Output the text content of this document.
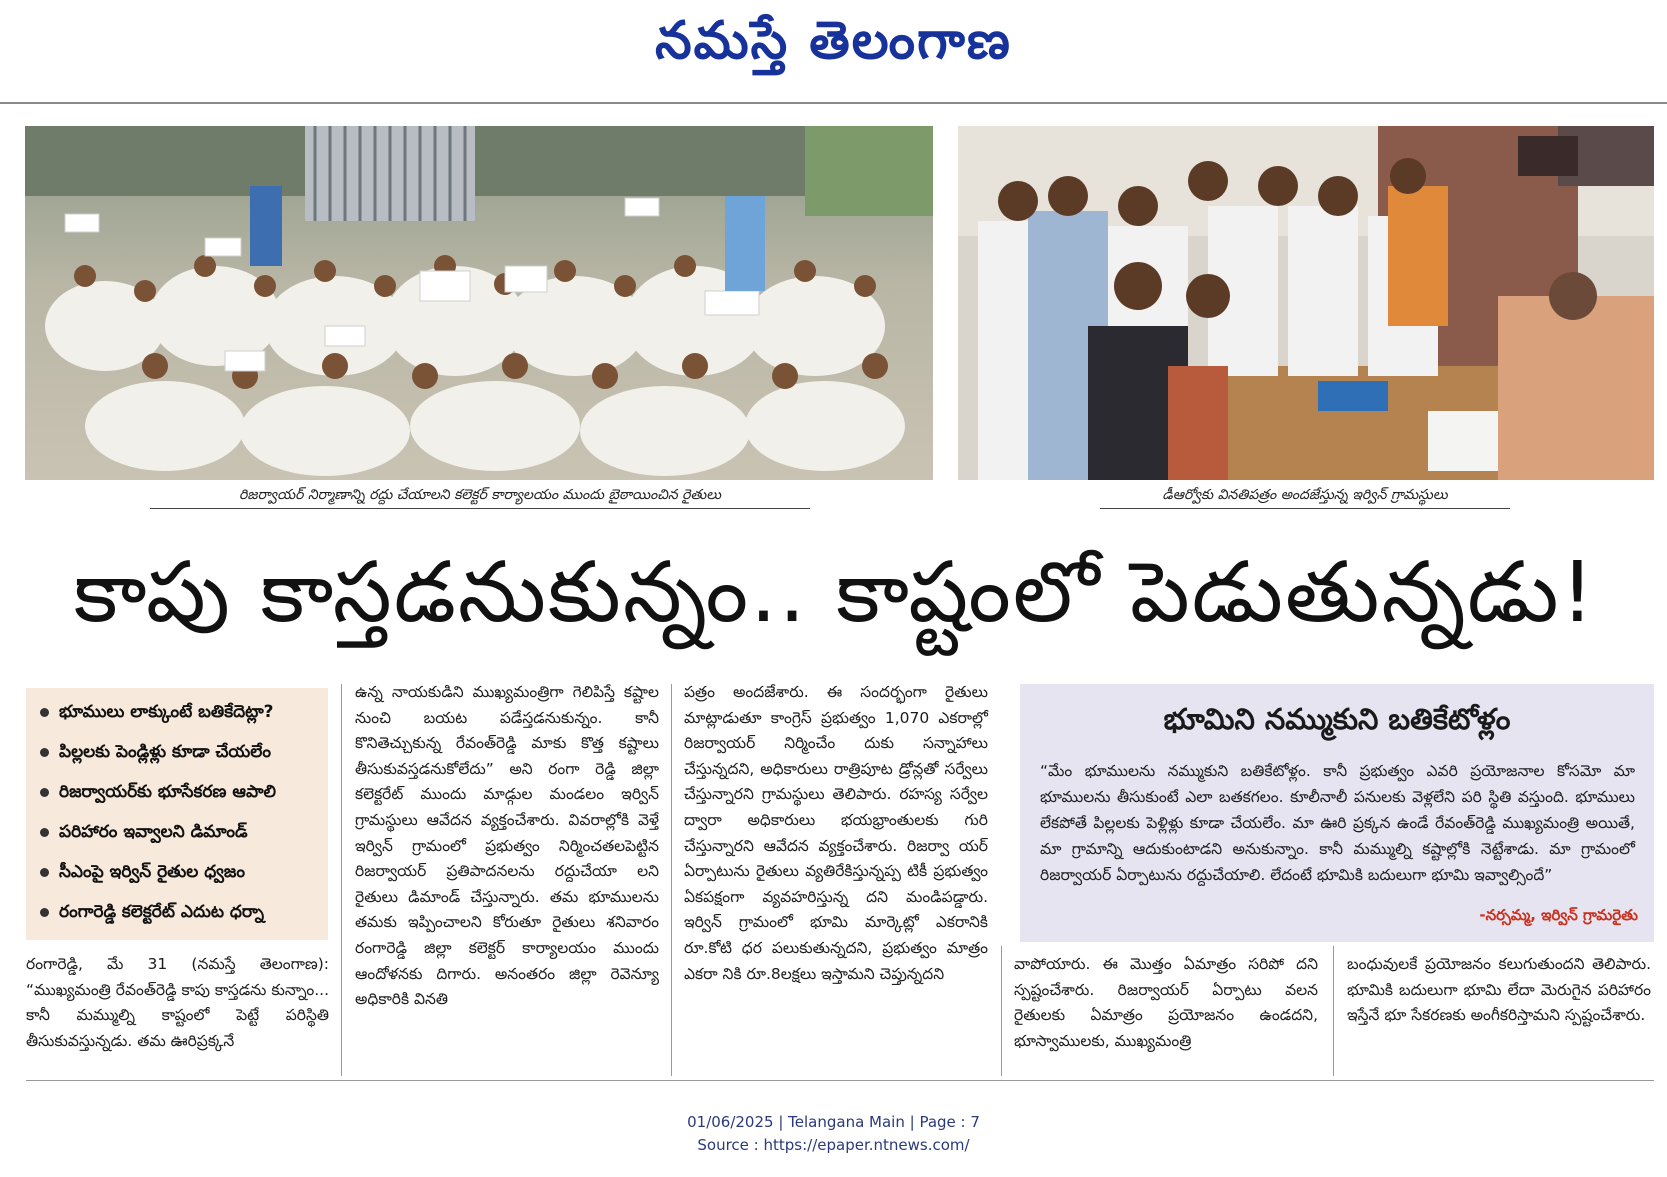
నమస్తే తెలంగాణ
రిజర్వాయర్ నిర్మాణాన్ని రద్దు చేయాలని కలెక్టర్ కార్యాలయం ముందు బైఠాయించిన రైతులు	డీఆర్వోకు వినతిపత్రం అందజేస్తున్న ఇర్విన్ గ్రామస్థులు
కాపు కాస్తడనుకున్నం.. కాష్టంలో పెడుతున్నడు!
భూములు లాక్కుంటే బతికేదెట్లా?
పిల్లలకు పెండ్లిళ్లు కూడా చేయలేం
రిజర్వాయర్‌కు భూసేకరణ ఆపాలి
పరిహారం ఇవ్వాలని డిమాండ్
సీఎంపై ఇర్విన్ రైతుల ధ్వజం
రంగారెడ్డి కలెక్టరేట్ ఎదుట ధర్నా

రంగారెడ్డి, మే 31 (నమస్తే తెలంగాణ): “ముఖ్యమంత్రి రేవంత్‌రెడ్డి కాపు కాస్తడను కున్నాం... కానీ మమ్ముల్ని కాష్టంలో పెట్టే పరిస్థితి తీసుకువస్తున్నడు. తమ ఊరిప్రక్కనే

ఉన్న నాయకుడిని ముఖ్యమంత్రిగా గెలిపిస్తే కష్టాల నుంచి బయట పడేస్తడనుకున్నం. కానీ కొనితెచ్చుకున్న రేవంత్‌రెడ్డి మాకు కొత్త కష్టాలు తీసుకువస్తడనుకోలేదు” అని రంగా రెడ్డి జిల్లా కలెక్టరేట్ ముందు మాడ్గుల మండలం ఇర్విన్ గ్రామస్థులు ఆవేదన వ్యక్తంచేశారు. వివరాల్లోకి వెళ్తే ఇర్విన్ గ్రామంలో ప్రభుత్వం నిర్మించతలపెట్టిన రిజర్వాయర్ ప్రతిపాదనలను రద్దుచేయా లని రైతులు డిమాండ్ చేస్తున్నారు. తమ భూములను తమకు ఇప్పించాలని కోరుతూ రైతులు శనివారం రంగారెడ్డి జిల్లా కలెక్టర్ కార్యాలయం ముందు ఆందోళనకు దిగారు. అనంతరం జిల్లా రెవెన్యూ అధికారికి వినతి

పత్రం అందజేశారు. ఈ సందర్భంగా రైతులు మాట్లాడుతూ కాంగ్రెస్ ప్రభుత్వం 1,070 ఎకరాల్లో రిజర్వాయర్ నిర్మించేం దుకు సన్నాహాలు చేస్తున్నదని, అధికారులు రాత్రిపూట డ్రోన్లతో సర్వేలు చేస్తున్నారని గ్రామస్థులు తెలిపారు. రహస్య సర్వేల ద్వారా అధికారులు భయభ్రాంతులకు గురి చేస్తున్నారని ఆవేదన వ్యక్తంచేశారు. రిజర్వా యర్ ఏర్పాటును రైతులు వ్యతిరేకిస్తున్నప్ప టికీ ప్రభుత్వం ఏకపక్షంగా వ్యవహరిస్తున్న దని మండిపడ్డారు. ఇర్విన్ గ్రామంలో భూమి మార్కెట్లో ఎకరానికి రూ.కోటి ధర పలుకుతున్నదని, ప్రభుత్వం మాత్రం ఎకరా నికి రూ.8లక్షలు ఇస్తామని చెప్తున్నదని

వాపోయారు. ఈ మొత్తం ఏమాత్రం సరిపో దని స్పష్టంచేశారు. రిజర్వాయర్ ఏర్పాటు వలన రైతులకు ఏమాత్రం ప్రయోజనం ఉండదని, భూస్వాములకు, ముఖ్యమంత్రి

బంధువులకే ప్రయోజనం కలుగుతుందని తెలిపారు. భూమికి బదులుగా భూమి లేదా మెరుగైన పరిహారం ఇస్తేనే భూ సేకరణకు అంగీకరిస్తామని స్పష్టంచేశారు.

భూమిని నమ్ముకుని బతికేటోళ్లం
“మేం భూములను నమ్ముకుని బతికేటోళ్లం. కానీ ప్రభుత్వం ఎవరి ప్రయోజనాల కోసమో మా భూములను తీసుకుంటే ఎలా బతకగలం. కూలీనాలీ పనులకు వెళ్లలేని పరి స్థితి వస్తుంది. భూములు లేకపోతే పిల్లలకు పెళ్లిళ్లు కూడా చేయలేం. మా ఊరి ప్రక్కన ఉండే రేవంత్‌రెడ్డి ముఖ్యమంత్రి అయితే, మా గ్రామాన్ని ఆదుకుంటాడని అనుకున్నాం. కానీ మమ్ముల్ని కష్టాల్లోకి నెట్టేశాడు. మా గ్రామంలో రిజర్వాయర్ ఏర్పాటును రద్దుచేయాలి. లేదంటే భూమికి బదులుగా భూమి ఇవ్వాల్సిందే”
-నర్సమ్మ, ఇర్విన్ గ్రామరైతు
01/06/2025 | Telangana Main | Page : 7
Source : https://epaper.ntnews.com/
